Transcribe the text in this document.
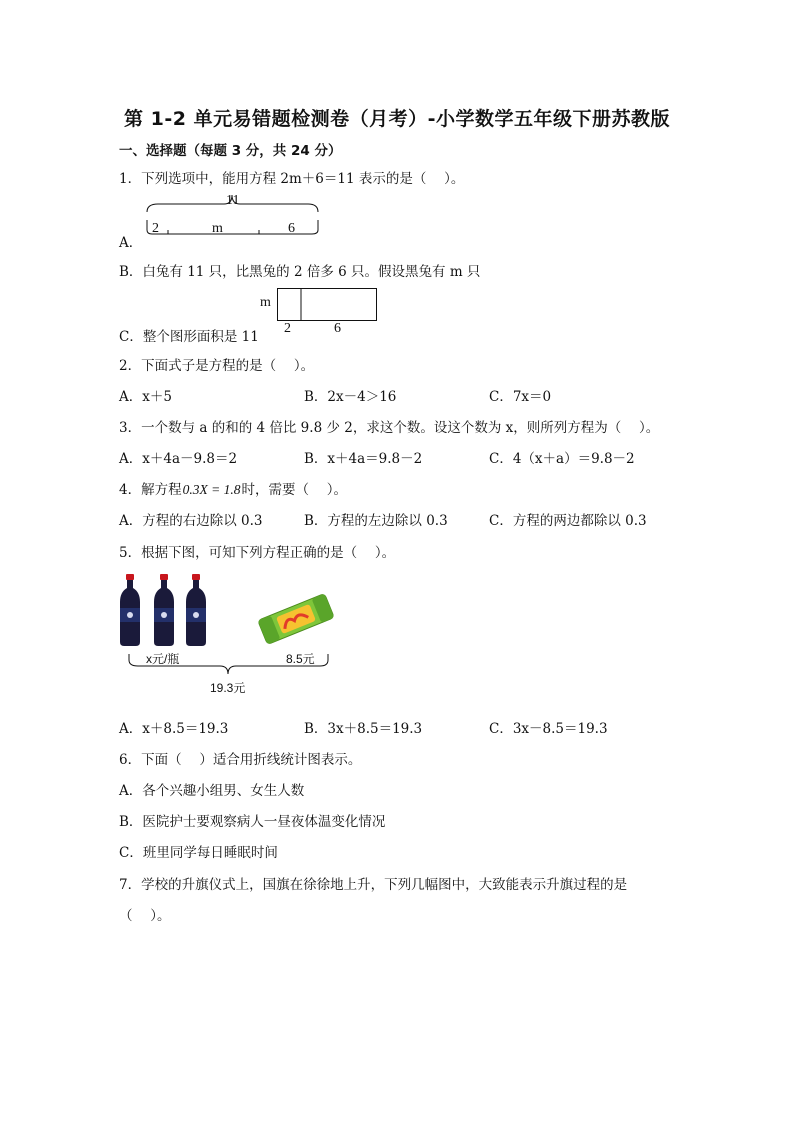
第 1-2 单元易错题检测卷（月考）-小学数学五年级下册苏教版
一、选择题（每题 3 分，共 24 分）
1．下列选项中，能用方程 2m＋6＝11 表示的是（　 ）。
A．
11
2	m	6
B．白兔有 11 只，比黑兔的 2 倍多 6 只。假设黑兔有 m 只
m
2	6
C．整个图形面积是 11
2．下面式子是方程的是（　 ）。
A．x＋5	B．2x－4＞16	C．7x＝0
3．一个数与 a 的和的 4 倍比 9.8 少 2，求这个数。设这个数为 x，则所列方程为（　 ）。
A．x＋4a－9.8＝2	B．x＋4a＝9.8－2	C．4（x＋a）＝9.8－2
4．解方程0.3X = 1.8时，需要（　 ）。
A．方程的右边除以 0.3	B．方程的左边除以 0.3	C．方程的两边都除以 0.3
5．根据下图，可知下列方程正确的是（　 ）。
x元/瓶	8.5元
19.3元
A．x＋8.5＝19.3	B．3x＋8.5＝19.3	C．3x－8.5＝19.3
6．下面（　 ）适合用折线统计图表示。
A．各个兴趣小组男、女生人数
B．医院护士要观察病人一昼夜体温变化情况
C．班里同学每日睡眠时间
7．学校的升旗仪式上，国旗在徐徐地上升，下列几幅图中，大致能表示升旗过程的是
（　 ）。
